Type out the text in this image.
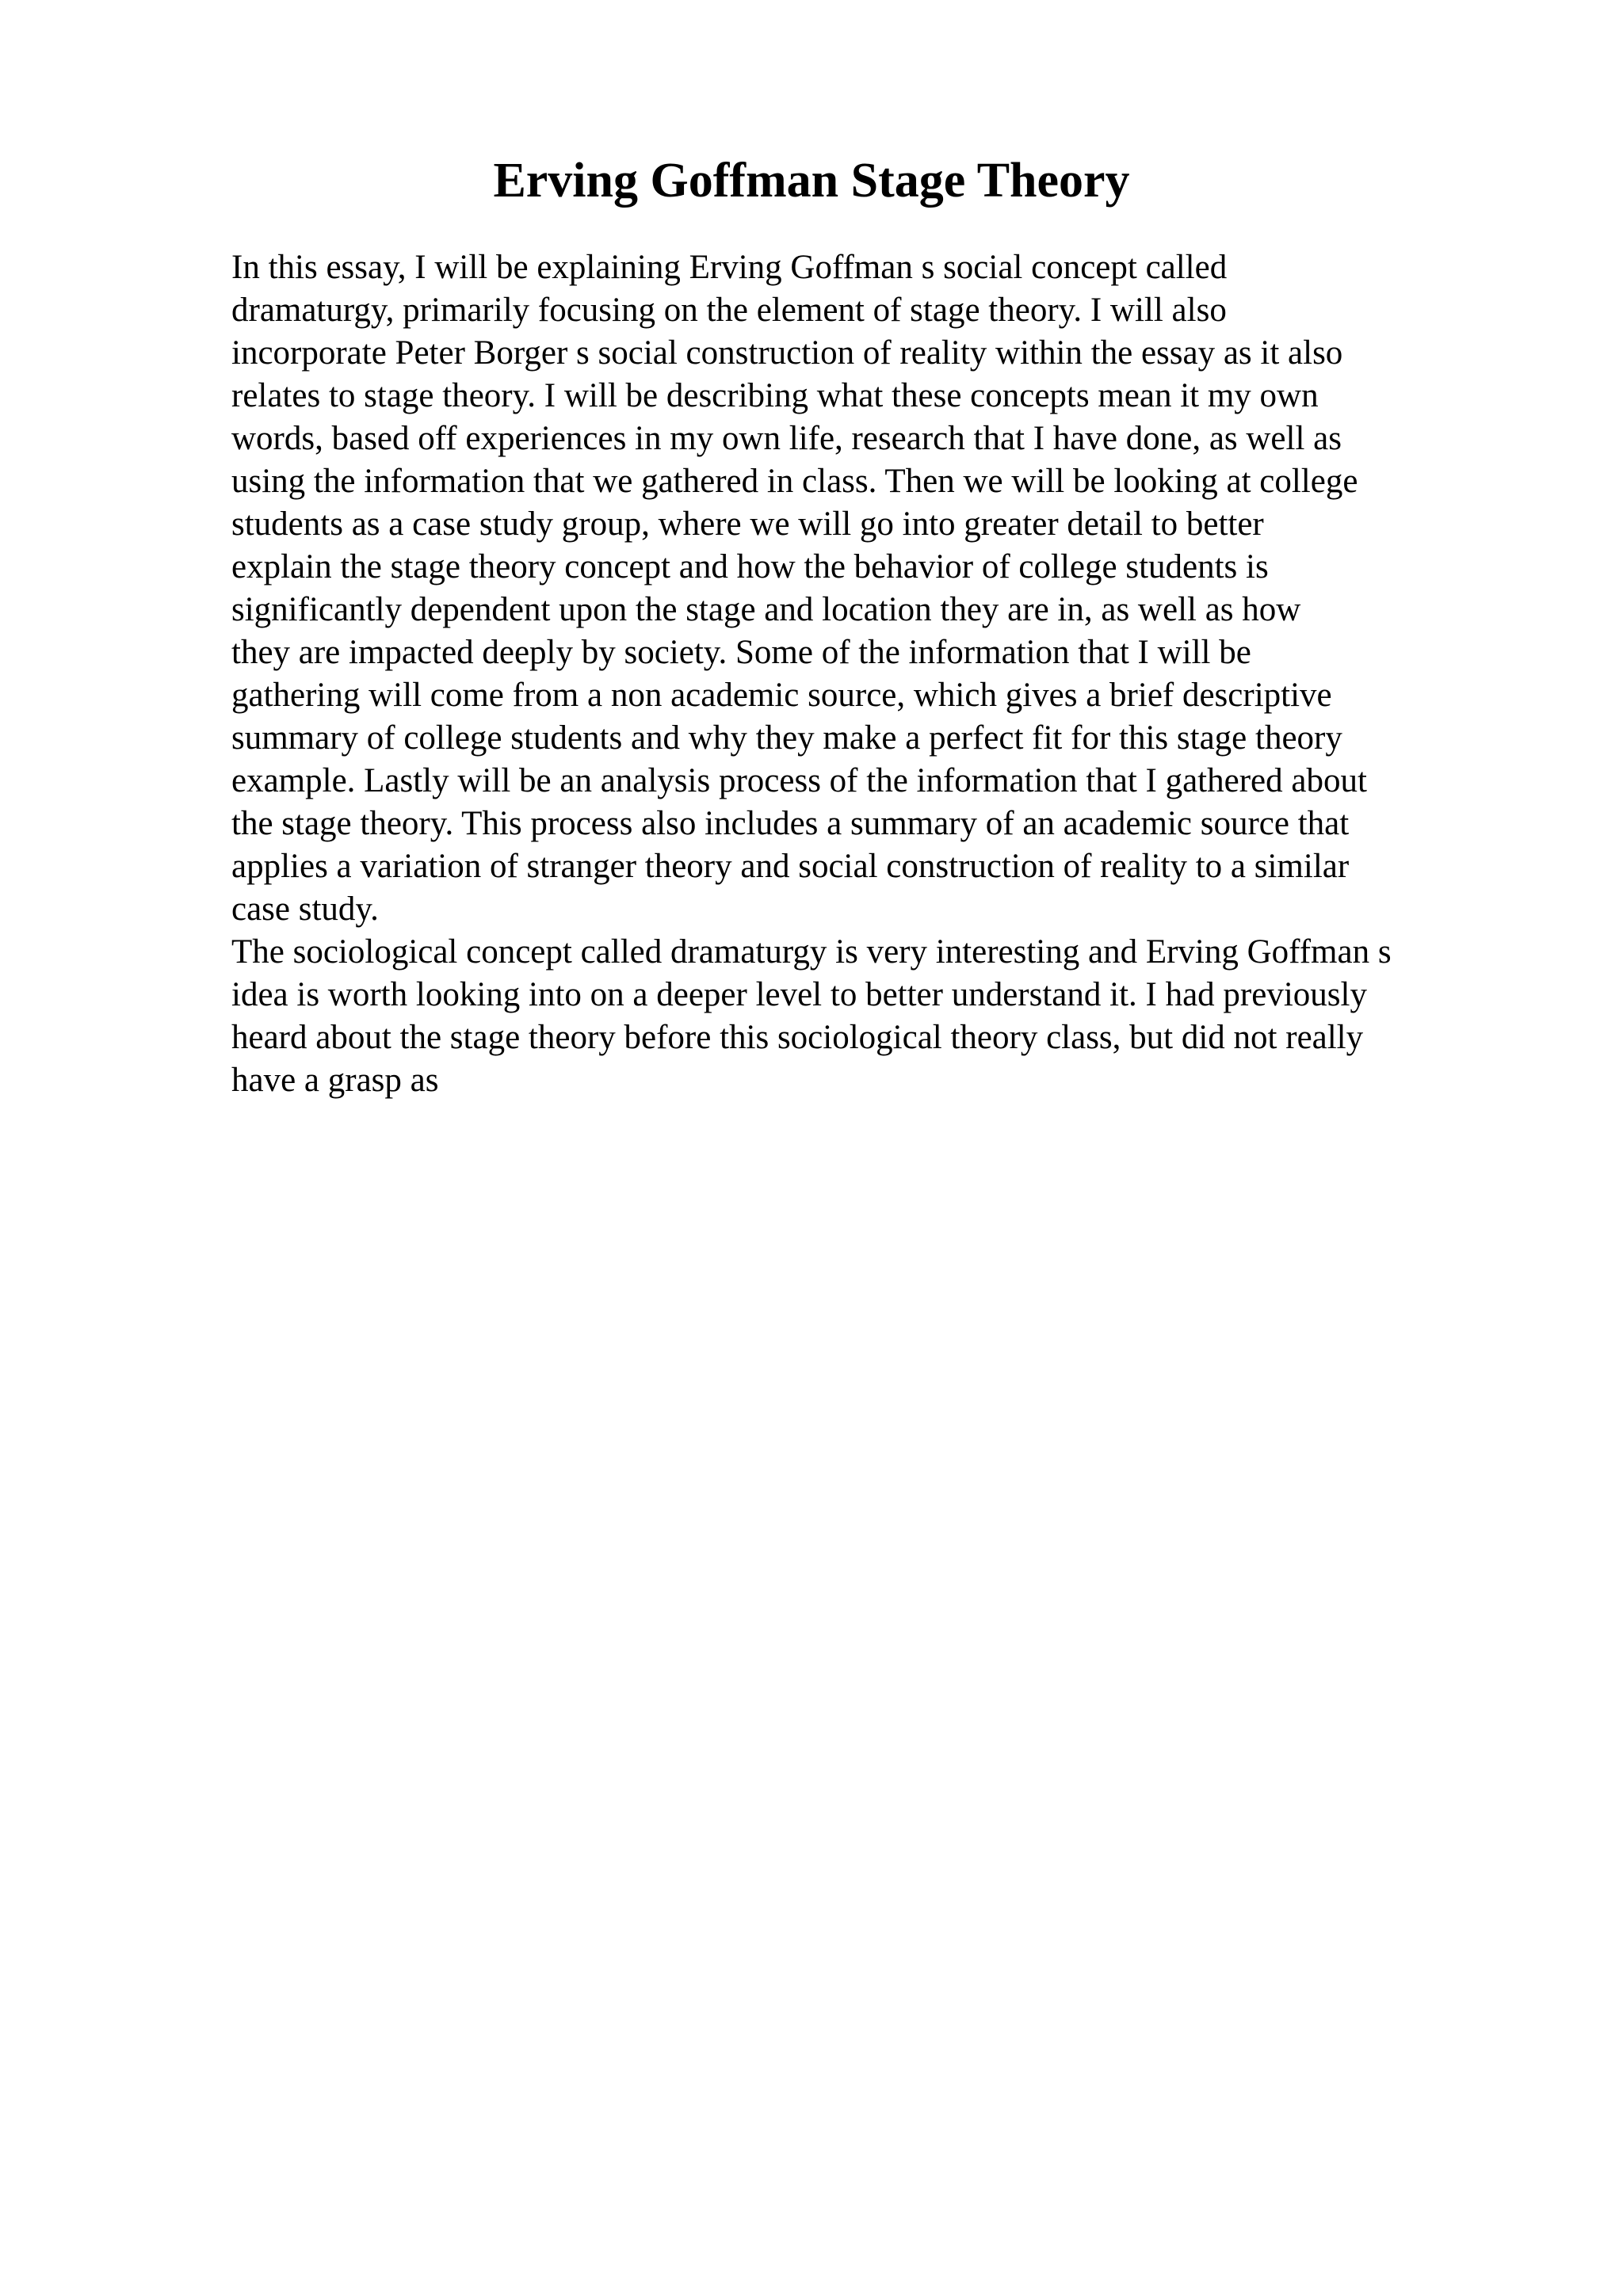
Erving Goffman Stage Theory
In this essay, I will be explaining Erving Goffman s social concept called
dramaturgy, primarily focusing on the element of stage theory. I will also
incorporate Peter Borger s social construction of reality within the essay as it also
relates to stage theory. I will be describing what these concepts mean it my own
words, based off experiences in my own life, research that I have done, as well as
using the information that we gathered in class. Then we will be looking at college
students as a case study group, where we will go into greater detail to better
explain the stage theory concept and how the behavior of college students is
significantly dependent upon the stage and location they are in, as well as how
they are impacted deeply by society. Some of the information that I will be
gathering will come from a non academic source, which gives a brief descriptive
summary of college students and why they make a perfect fit for this stage theory
example. Lastly will be an analysis process of the information that I gathered about
the stage theory. This process also includes a summary of an academic source that
applies a variation of stranger theory and social construction of reality to a similar
case study.
The sociological concept called dramaturgy is very interesting and Erving Goffman s
idea is worth looking into on a deeper level to better understand it. I had previously
heard about the stage theory before this sociological theory class, but did not really
have a grasp as
